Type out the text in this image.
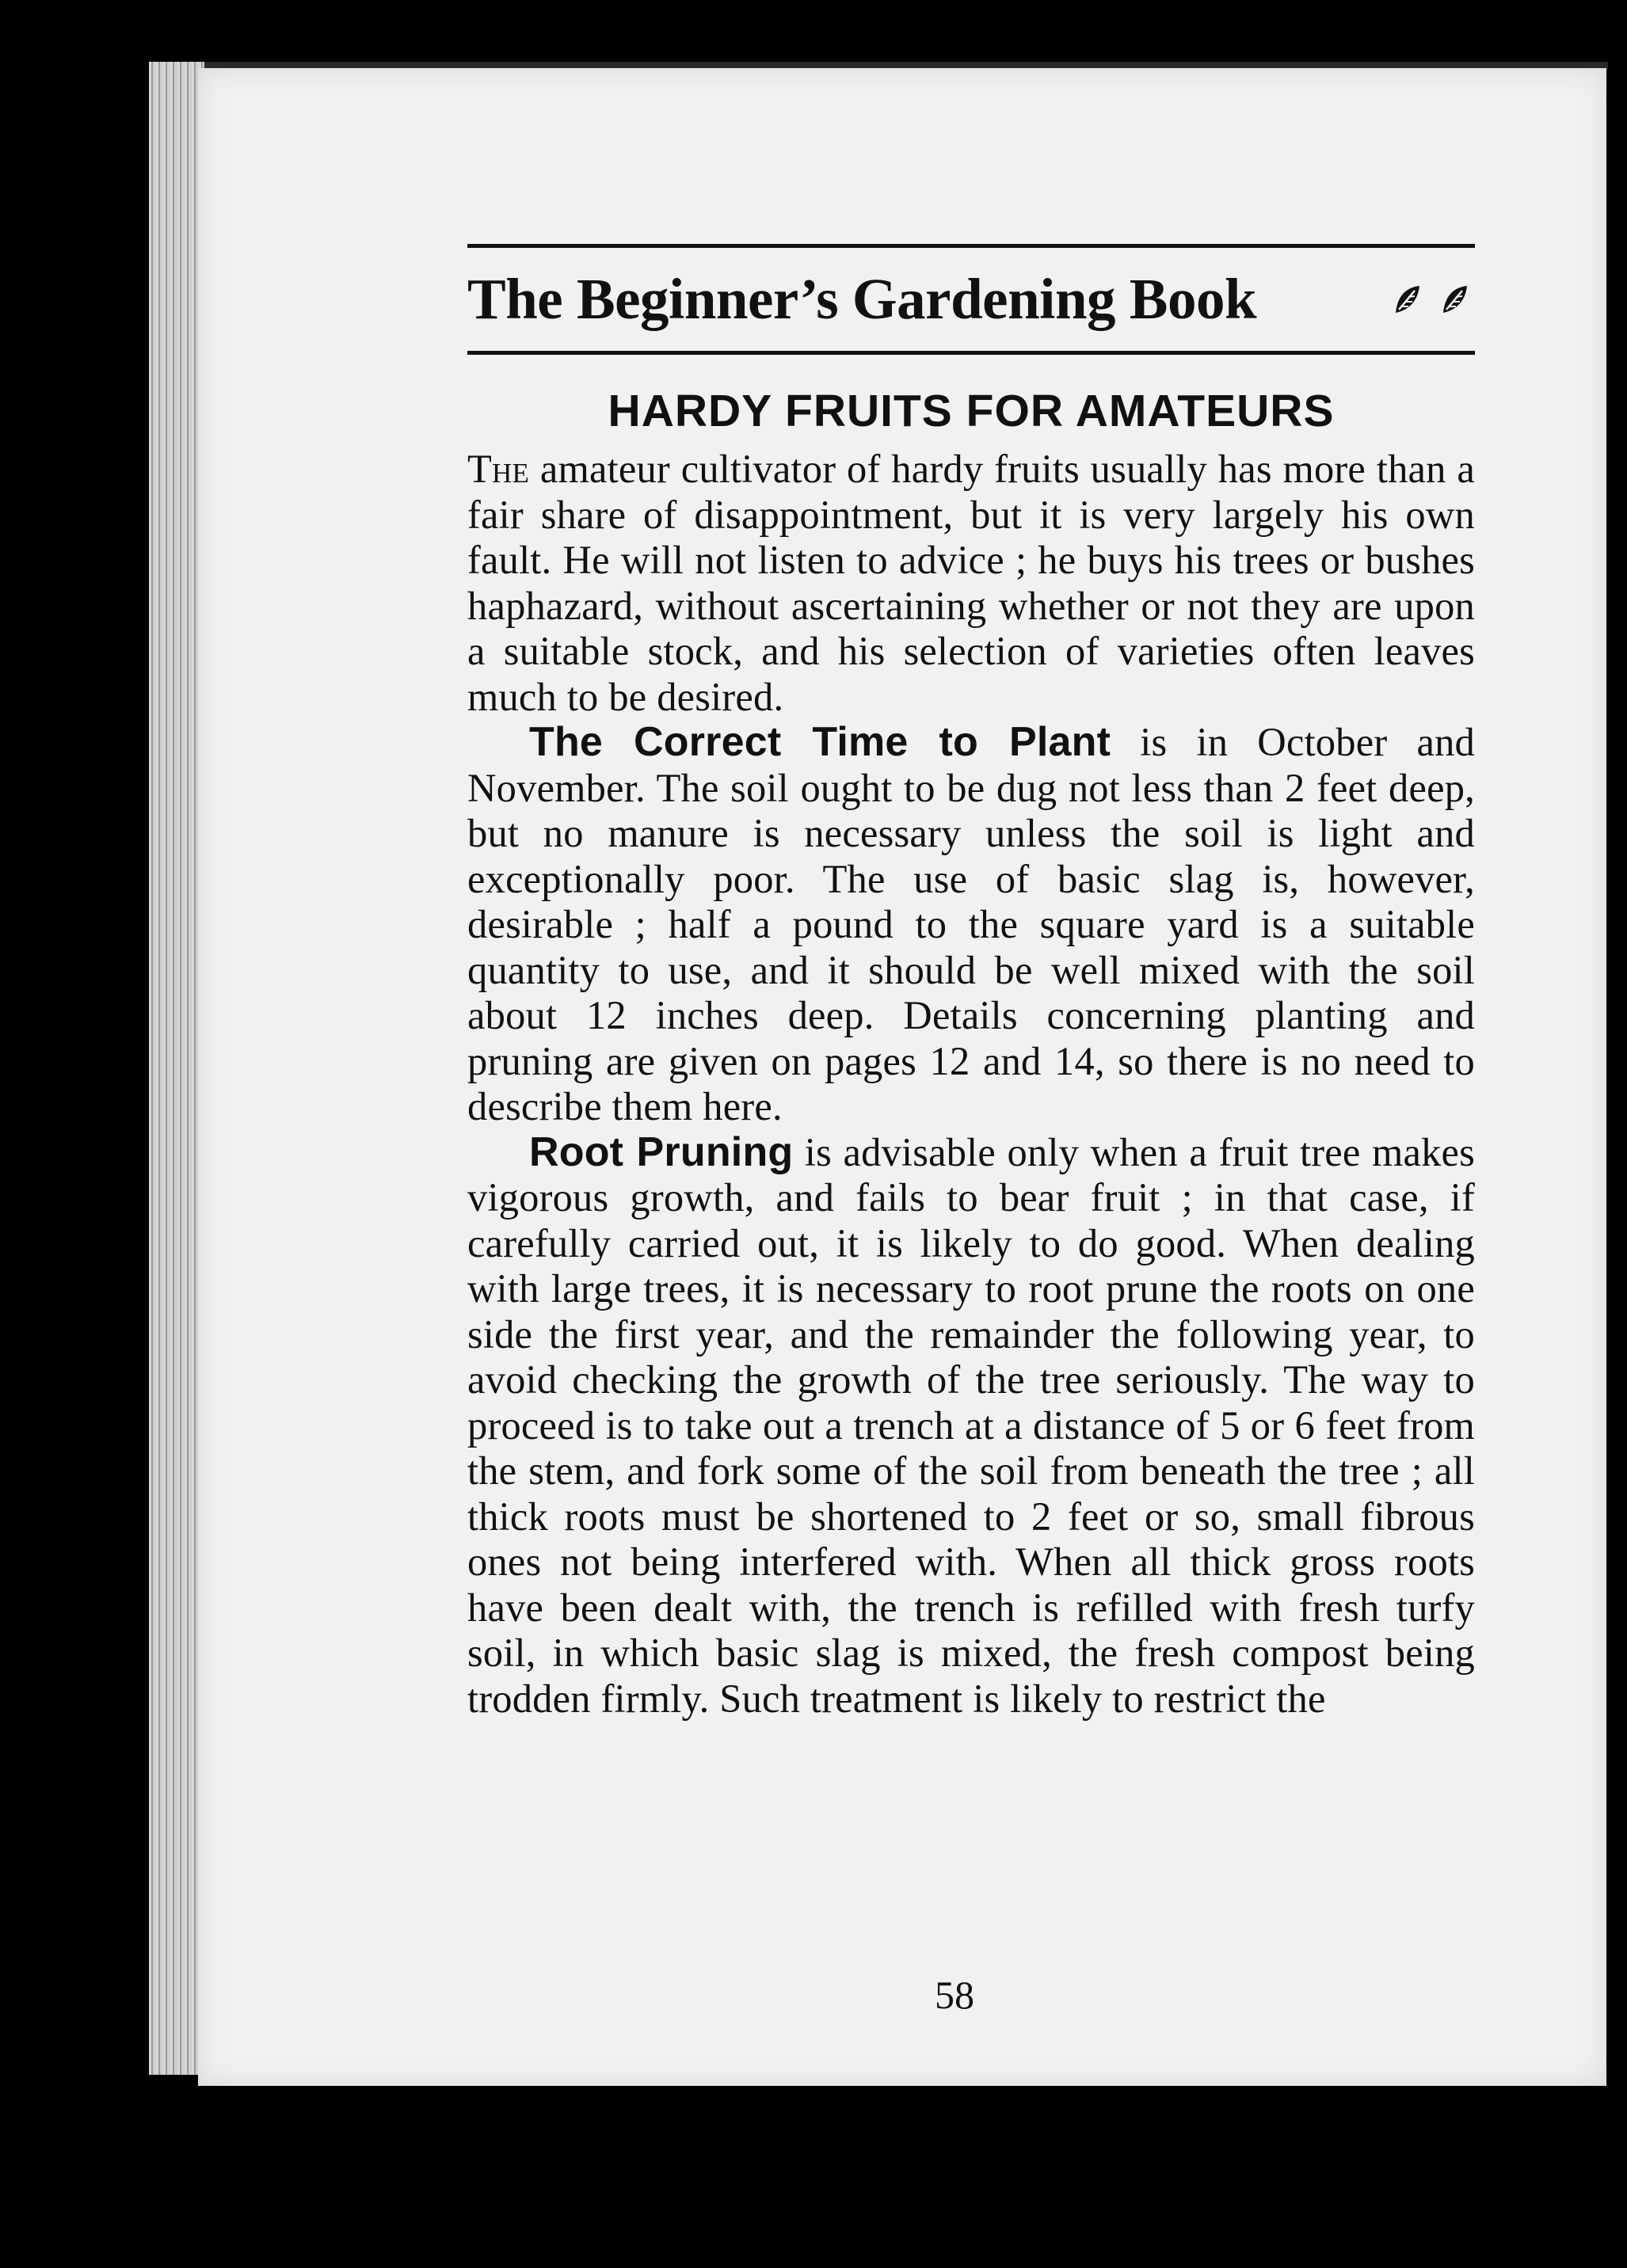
The Beginner’s Gardening Book
HARDY FRUITS FOR AMATEURS

The amateur cultivator of hardy fruits usually has more than a fair share of disappointment, but it is very largely his own fault. He will not listen to advice ; he buys his trees or bushes haphazard, without ascertaining whether or not they are upon a suitable stock, and his selection of varieties often leaves much to be desired.

The Correct Time to Plant is in October and November. The soil ought to be dug not less than 2 feet deep, but no manure is necessary unless the soil is light and exceptionally poor. The use of basic slag is, however, desirable ; half a pound to the square yard is a suitable quantity to use, and it should be well mixed with the soil about 12 inches deep. Details concerning planting and pruning are given on pages 12 and 14, so there is no need to describe them here.

Root Pruning is advisable only when a fruit tree makes vigorous growth, and fails to bear fruit ; in that case, if carefully carried out, it is likely to do good. When dealing with large trees, it is necessary to root prune the roots on one side the first year, and the remainder the following year, to avoid checking the growth of the tree seriously. The way to proceed is to take out a trench at a distance of 5 or 6 feet from the stem, and fork some of the soil from beneath the tree ; all thick roots must be shortened to 2 feet or so, small fibrous ones not being interfered with. When all thick gross roots have been dealt with, the trench is refilled with fresh turfy soil, in which basic slag is mixed, the fresh compost being trodden firmly. Such treatment is likely to restrict the

58
